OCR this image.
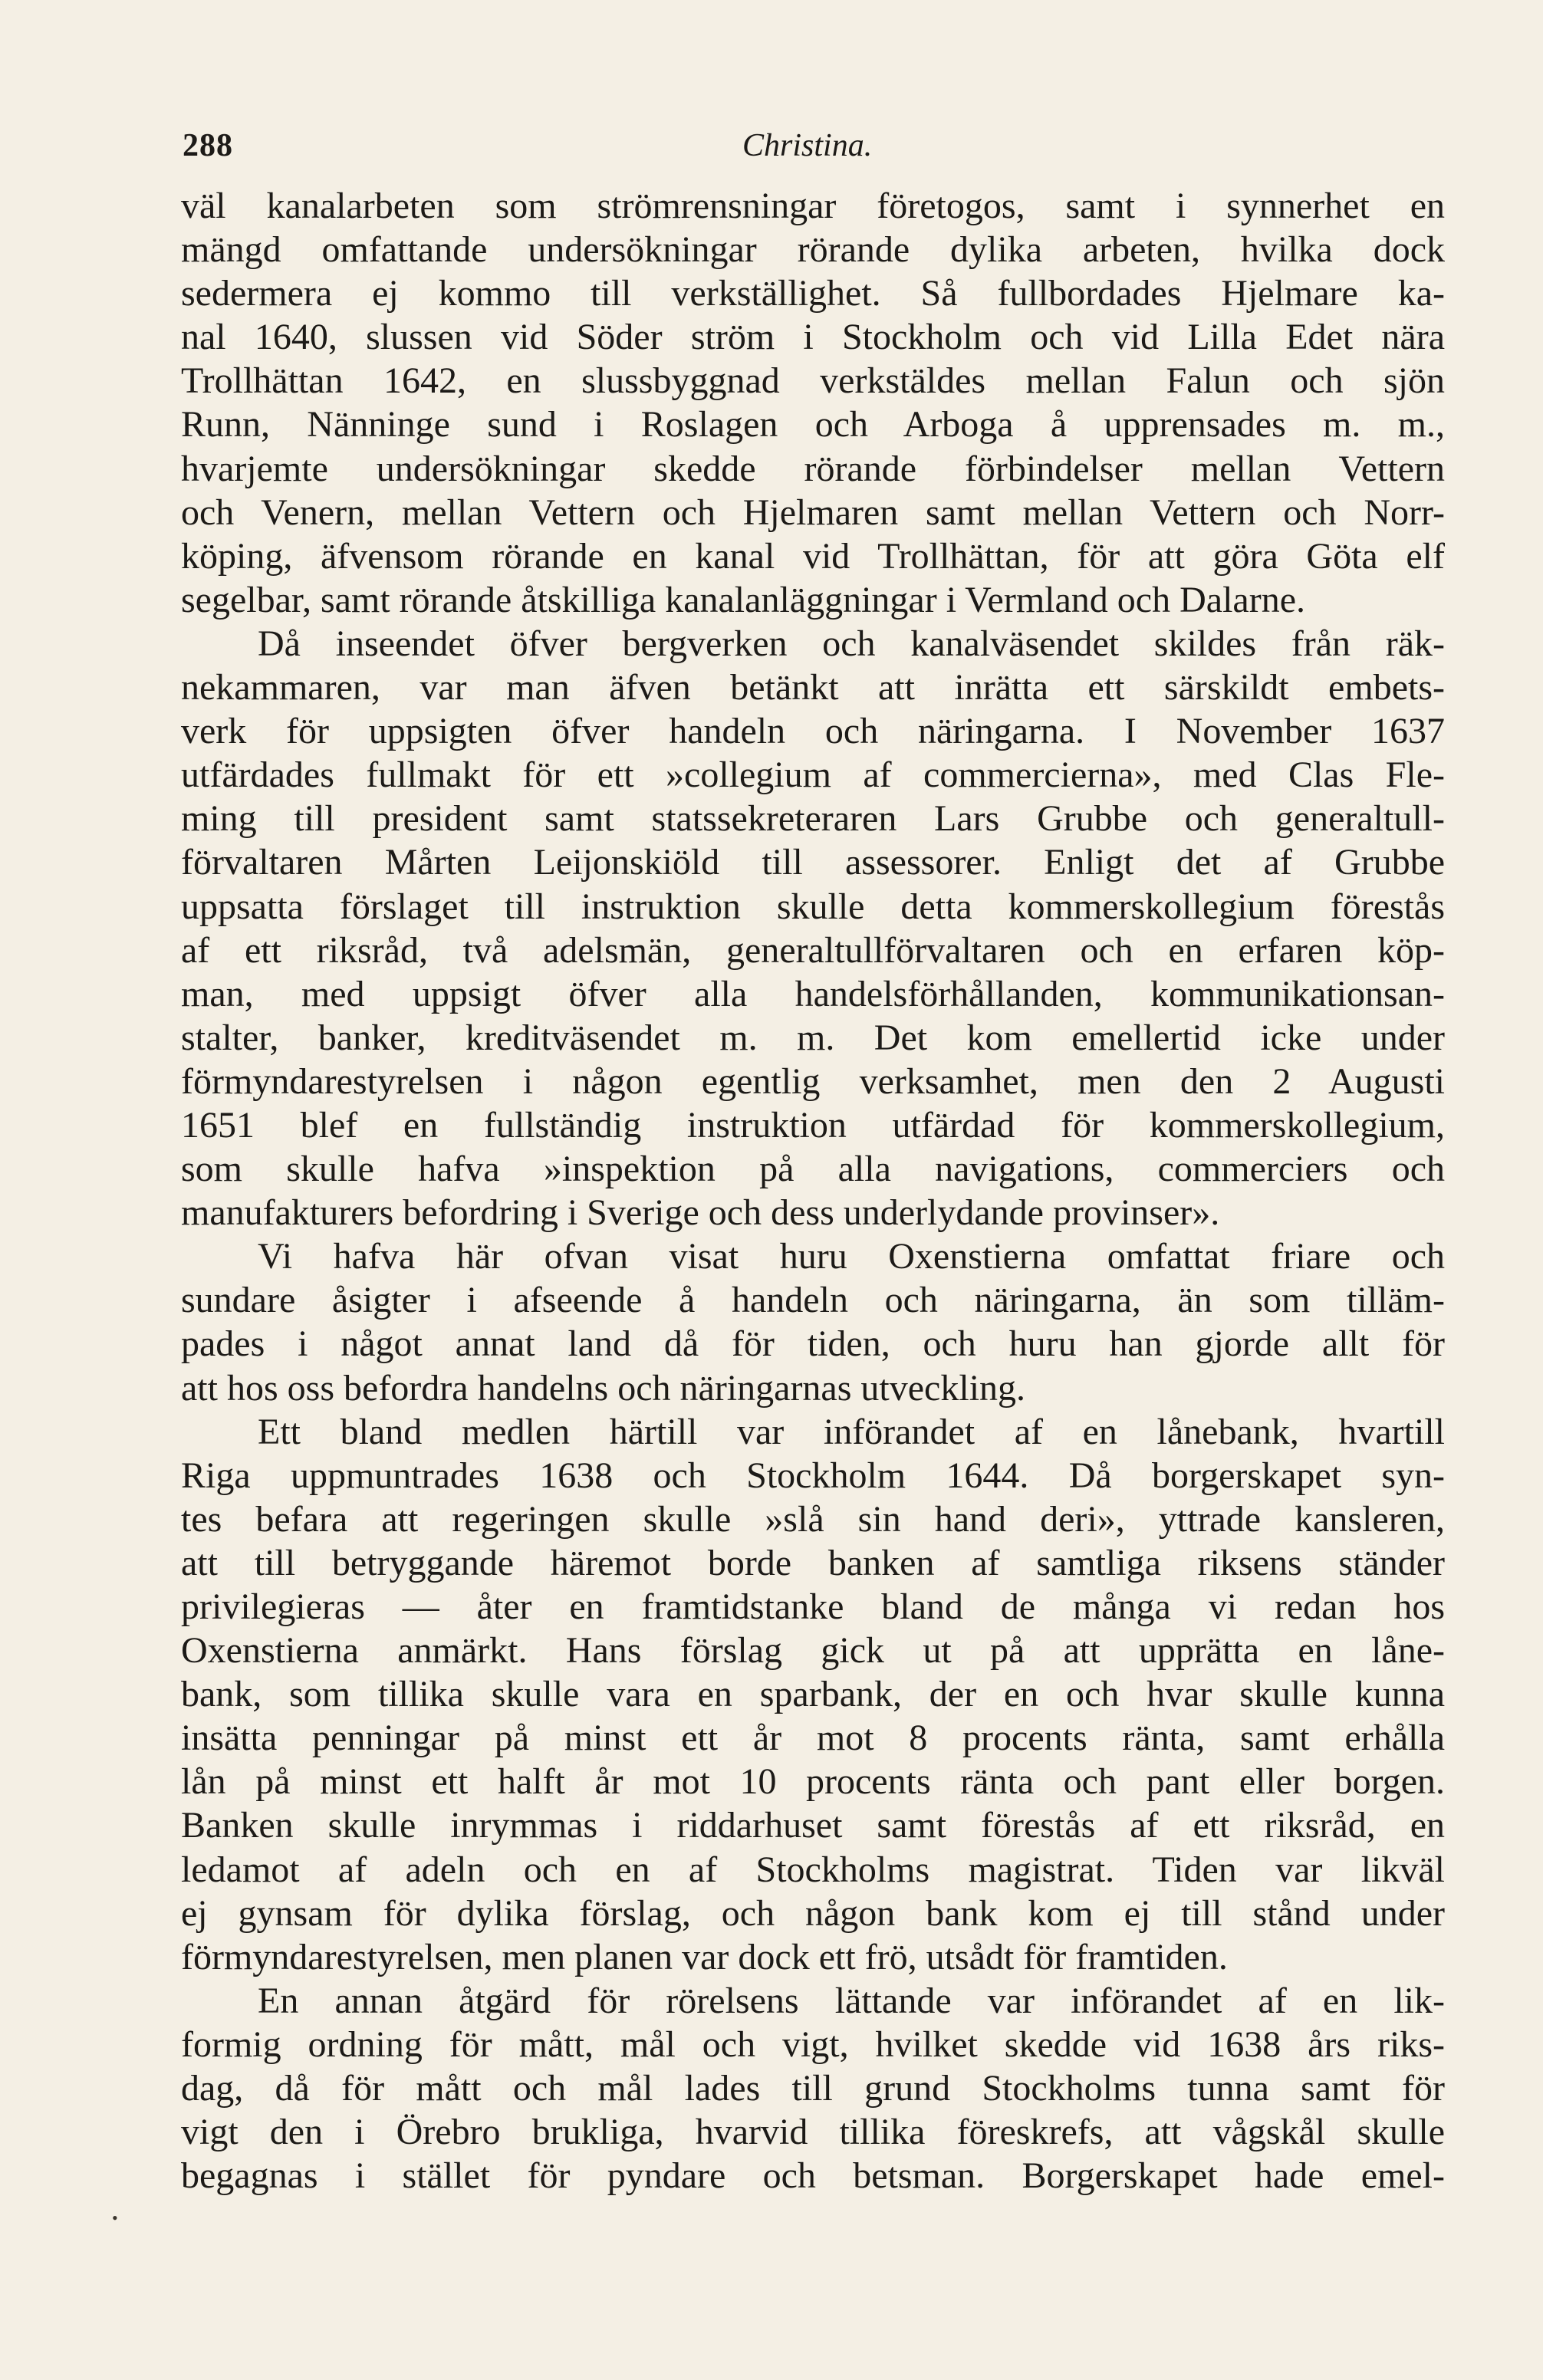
288	Christina.
väl kanalarbeten som strömrensningar företogos, samt i synnerhet en
mängd omfattande undersökningar rörande dylika arbeten, hvilka dock
sedermera ej kommo till verkställighet. Så fullbordades Hjelmare ka-
nal 1640, slussen vid Söder ström i Stockholm och vid Lilla Edet nära
Trollhättan 1642, en slussbyggnad verkstäldes mellan Falun och sjön
Runn, Nänninge sund i Roslagen och Arboga å upprensades m. m.,
hvarjemte undersökningar skedde rörande förbindelser mellan Vettern
och Venern, mellan Vettern och Hjelmaren samt mellan Vettern och Norr-
köping, äfvensom rörande en kanal vid Trollhättan, för att göra Göta elf
segelbar, samt rörande åtskilliga kanalanläggningar i Vermland och Dalarne.
Då inseendet öfver bergverken och kanalväsendet skildes från räk-
nekammaren, var man äfven betänkt att inrätta ett särskildt embets-
verk för uppsigten öfver handeln och näringarna. I November 1637
utfärdades fullmakt för ett »collegium af commercierna», med Clas Fle-
ming till president samt statssekreteraren Lars Grubbe och generaltull-
förvaltaren Mårten Leijonskiöld till assessorer. Enligt det af Grubbe
uppsatta förslaget till instruktion skulle detta kommerskollegium förestås
af ett riksråd, två adelsmän, generaltullförvaltaren och en erfaren köp-
man, med uppsigt öfver alla handelsförhållanden, kommunikationsan-
stalter, banker, kreditväsendet m. m. Det kom emellertid icke under
förmyndarestyrelsen i någon egentlig verksamhet, men den 2 Augusti
1651 blef en fullständig instruktion utfärdad för kommerskollegium,
som skulle hafva »inspektion på alla navigations, commerciers och
manufakturers befordring i Sverige och dess underlydande provinser».
Vi hafva här ofvan visat huru Oxenstierna omfattat friare och
sundare åsigter i afseende å handeln och näringarna, än som tilläm-
pades i något annat land då för tiden, och huru han gjorde allt för
att hos oss befordra handelns och näringarnas utveckling.
Ett bland medlen härtill var införandet af en lånebank, hvartill
Riga uppmuntrades 1638 och Stockholm 1644. Då borgerskapet syn-
tes befara att regeringen skulle »slå sin hand deri», yttrade kansleren,
att till betryggande häremot borde banken af samtliga riksens ständer
privilegieras — åter en framtidstanke bland de många vi redan hos
Oxenstierna anmärkt. Hans förslag gick ut på att upprätta en låne-
bank, som tillika skulle vara en sparbank, der en och hvar skulle kunna
insätta penningar på minst ett år mot 8 procents ränta, samt erhålla
lån på minst ett halft år mot 10 procents ränta och pant eller borgen.
Banken skulle inrymmas i riddarhuset samt förestås af ett riksråd, en
ledamot af adeln och en af Stockholms magistrat. Tiden var likväl
ej gynsam för dylika förslag, och någon bank kom ej till stånd under
förmyndarestyrelsen, men planen var dock ett frö, utsådt för framtiden.
En annan åtgärd för rörelsens lättande var införandet af en lik-
formig ordning för mått, mål och vigt, hvilket skedde vid 1638 års riks-
dag, då för mått och mål lades till grund Stockholms tunna samt för
vigt den i Örebro brukliga, hvarvid tillika föreskrefs, att vågskål skulle
begagnas i stället för pyndare och betsman. Borgerskapet hade emel-
•
